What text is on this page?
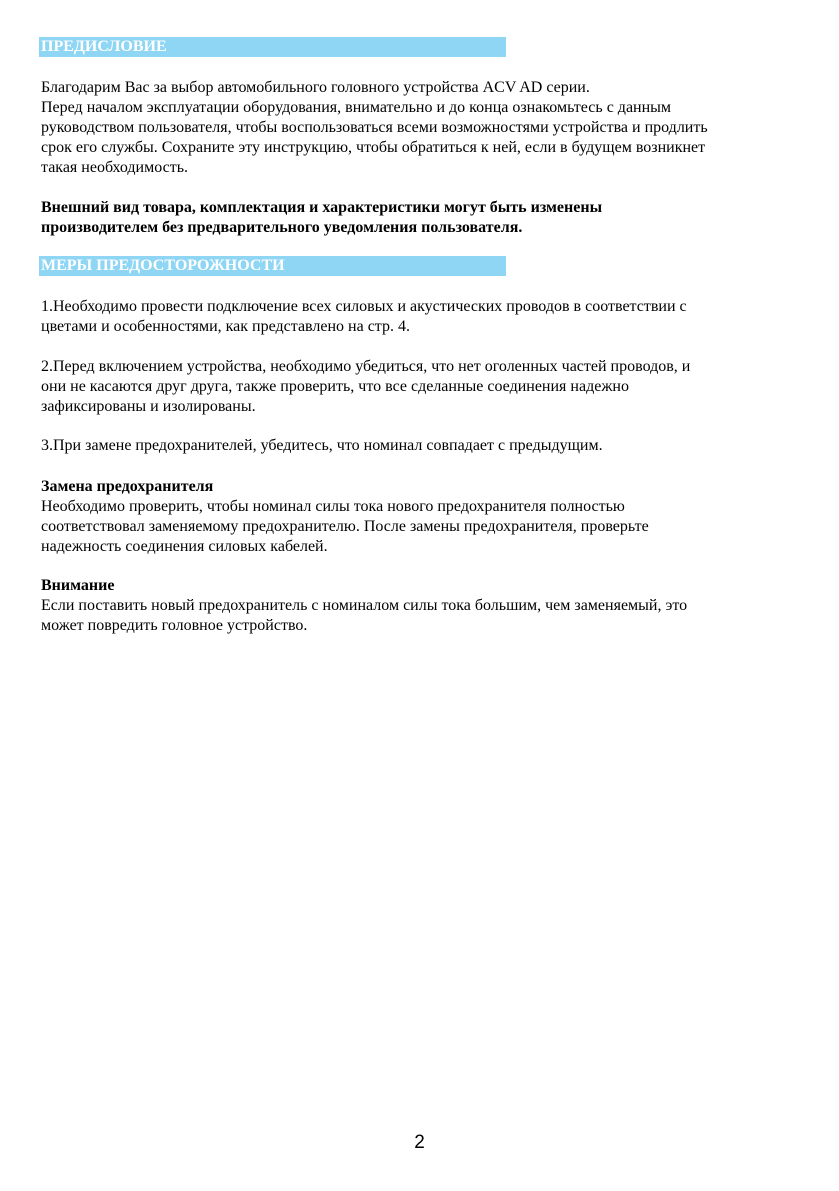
ПРЕДИСЛОВИЕ

Благодарим Вас за выбор автомобильного головного устройства ACV AD серии.
Перед началом эксплуатации оборудования, внимательно и до конца ознакомьтесь с данным
руководством пользователя, чтобы воспользоваться всеми возможностями устройства и продлить
срок его службы. Сохраните эту инструкцию, чтобы обратиться к ней, если в будущем возникнет
такая необходимость.

Внешний вид товара, комплектация и характеристики могут быть изменены
производителем без предварительного уведомления пользователя.

МЕРЫ ПРЕДОСТОРОЖНОСТИ

1.Необходимо провести подключение всех силовых и акустических проводов в соответствии с
цветами и особенностями, как представлено на стр. 4.

2.Перед включением устройства, необходимо убедиться, что нет оголенных частей проводов, и
они не касаются друг друга, также проверить, что все сделанные соединения надежно
зафиксированы и изолированы.

3.При замене предохранителей, убедитесь, что номинал совпадает с предыдущим.

Замена предохранителя

Необходимо проверить, чтобы номинал силы тока нового предохранителя полностью
соответствовал заменяемому предохранителю. После замены предохранителя, проверьте
надежность соединения силовых кабелей.

Внимание

Если поставить новый предохранитель с номиналом силы тока большим, чем заменяемый, это
может повредить головное устройство.

2
